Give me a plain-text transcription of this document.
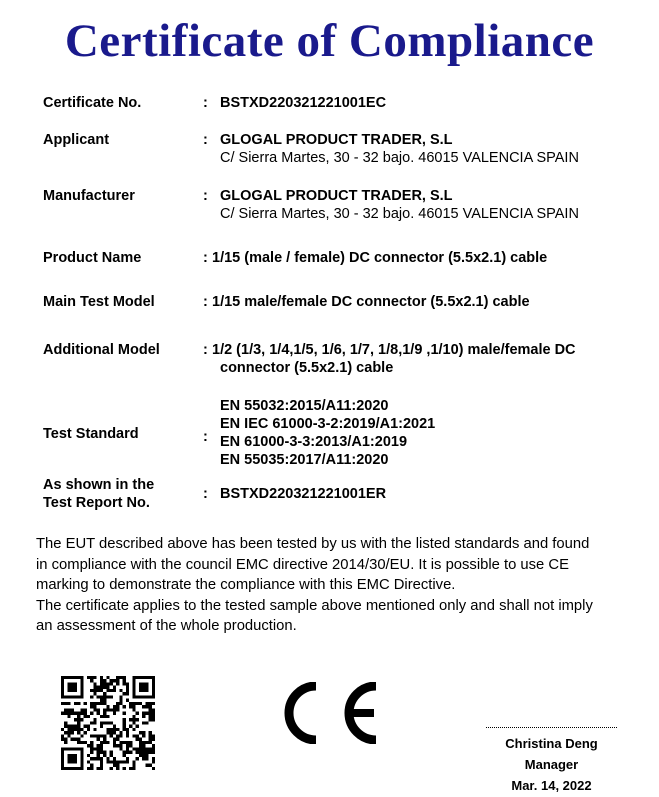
Certificate of Compliance
Certificate No.	: BSTXD220321221001EC
Applicant	: GLOGAL PRODUCT TRADER, S.L
C/ Sierra Martes, 30 - 32 bajo. 46015 VALENCIA SPAIN
Manufacturer	: GLOGAL PRODUCT TRADER, S.L
C/ Sierra Martes, 30 - 32 bajo. 46015 VALENCIA SPAIN
Product Name	: 1/15 (male / female) DC connector (5.5x2.1) cable
Main Test Model	: 1/15 male/female DC connector (5.5x2.1) cable
Additional Model	: 1/2 (1/3, 1/4,1/5, 1/6, 1/7, 1/8,1/9 ,1/10) male/female DC
connector (5.5x2.1) cable
Test Standard	:
EN 55032:2015/A11:2020
EN IEC 61000-3-2:2019/A1:2021
EN 61000-3-3:2013/A1:2019
EN 55035:2017/A11:2020
As shown in the
Test Report No.
: BSTXD220321221001ER
The EUT described above has been tested by us with the listed standards and found
in compliance with the council EMC directive 2014/30/EU. It is possible to use CE
marking to demonstrate the compliance with this EMC Directive.
The certificate applies to the tested sample above mentioned only and shall not imply
an assessment of the whole production.
Christina Deng
Manager
Mar. 14, 2022
